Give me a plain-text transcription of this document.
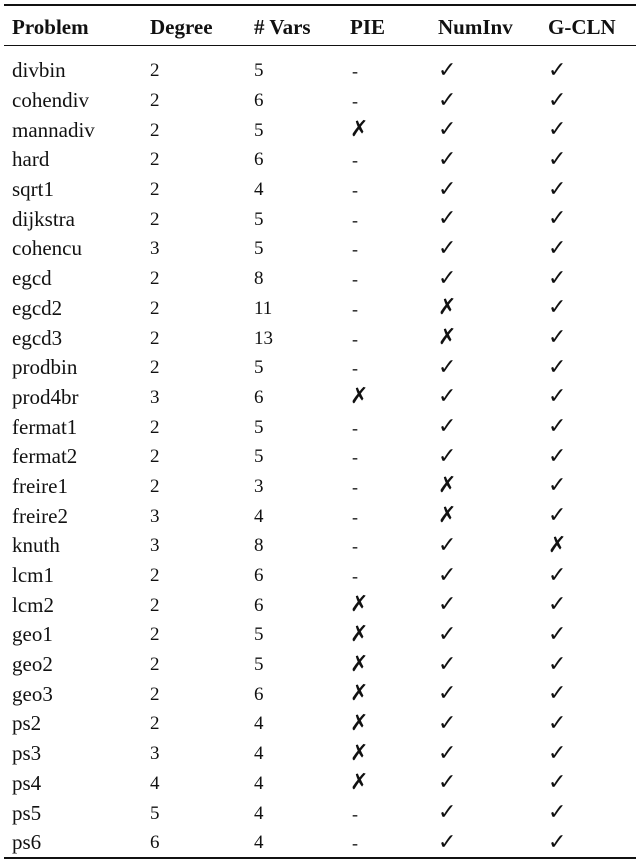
Problem	Degree	# Vars	PIE	NumInv	G-CLN
divbin	2	5	-	✓	✓
cohendiv	2	6	-	✓	✓
mannadiv	2	5	✗	✓	✓
hard	2	6	-	✓	✓
sqrt1	2	4	-	✓	✓
dijkstra	2	5	-	✓	✓
cohencu	3	5	-	✓	✓
egcd	2	8	-	✓	✓
egcd2	2	11	-	✗	✓
egcd3	2	13	-	✗	✓
prodbin	2	5	-	✓	✓
prod4br	3	6	✗	✓	✓
fermat1	2	5	-	✓	✓
fermat2	2	5	-	✓	✓
freire1	2	3	-	✗	✓
freire2	3	4	-	✗	✓
knuth	3	8	-	✓	✗
lcm1	2	6	-	✓	✓
lcm2	2	6	✗	✓	✓
geo1	2	5	✗	✓	✓
geo2	2	5	✗	✓	✓
geo3	2	6	✗	✓	✓
ps2	2	4	✗	✓	✓
ps3	3	4	✗	✓	✓
ps4	4	4	✗	✓	✓
ps5	5	4	-	✓	✓
ps6	6	4	-	✓	✓
